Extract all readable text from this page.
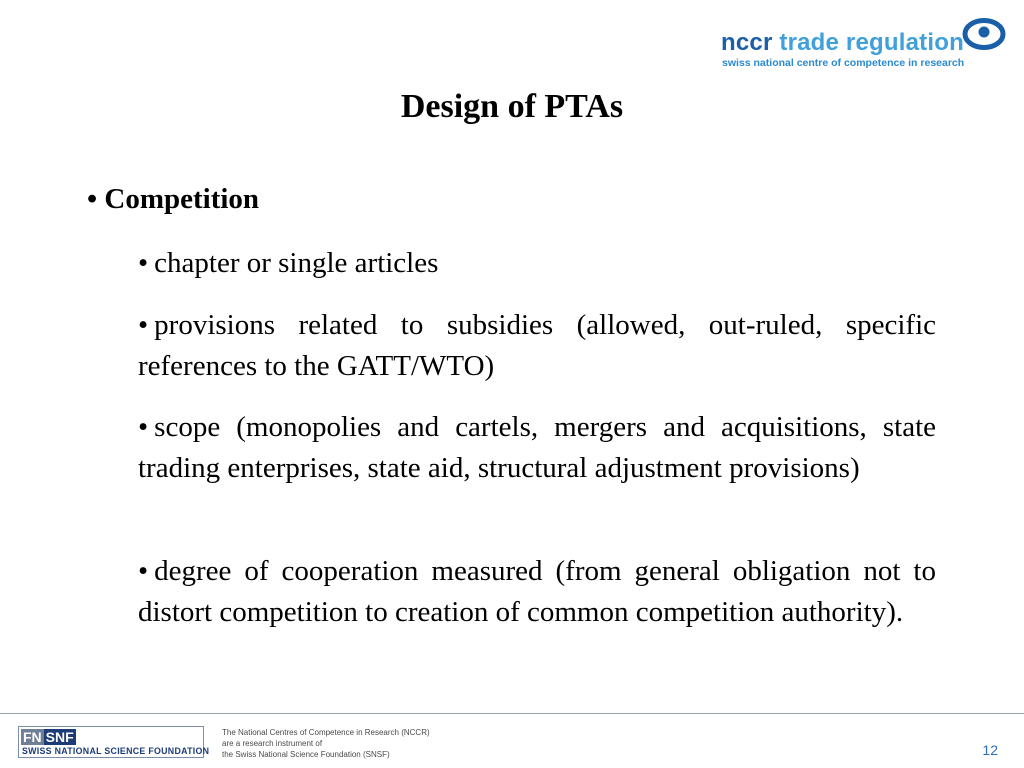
nccr trade regulation
swiss national centre of competence in research
Design of PTAs
• Competition
• chapter or single articles
• provisions related to subsidies (allowed, out-ruled, specific references to the GATT/WTO)
• scope (monopolies and cartels, mergers and acquisitions, state trading enterprises, state aid, structural adjustment provisions)
• degree of cooperation measured (from general obligation not to distort competition to creation of common competition authority).
FN SNF
SWISS NATIONAL SCIENCE FOUNDATION
The National Centres of Competence in Research (NCCR)
are a research instrument of
the Swiss National Science Foundation (SNSF)	12
